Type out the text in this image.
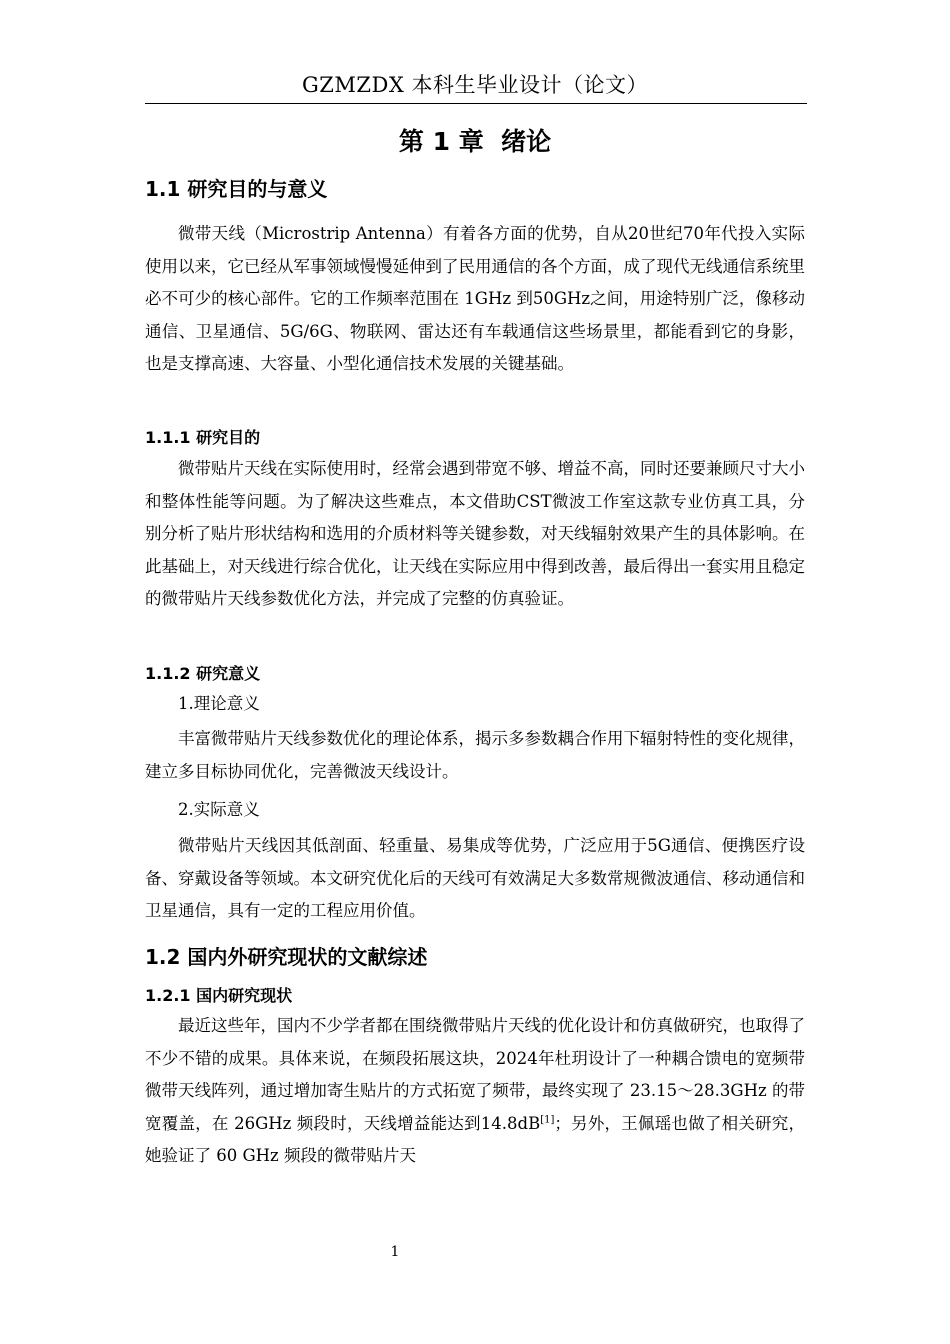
GZMZDX 本科生毕业设计（论文）
第 1 章  绪论
1.1 研究目的与意义

微带天线（Microstrip Antenna）有着各方面的优势，自从20世纪70年代投入实际使用以来，它已经从军事领域慢慢延伸到了民用通信的各个方面，成了现代无线通信系统里必不可少的核心部件。它的工作频率范围在 1GHz 到50GHz之间，用途特别广泛，像移动通信、卫星通信、5G/6G、物联网、雷达还有车载通信这些场景里，都能看到它的身影，也是支撑高速、大容量、小型化通信技术发展的关键基础。

1.1.1 研究目的

微带贴片天线在实际使用时，经常会遇到带宽不够、增益不高，同时还要兼顾尺寸大小和整体性能等问题。为了解决这些难点，本文借助CST微波工作室这款专业仿真工具，分别分析了贴片形状结构和选用的介质材料等关键参数，对天线辐射效果产生的具体影响。在此基础上，对天线进行综合优化，让天线在实际应用中得到改善，最后得出一套实用且稳定的微带贴片天线参数优化方法，并完成了完整的仿真验证。

1.1.2 研究意义

1.理论意义

丰富微带贴片天线参数优化的理论体系，揭示多参数耦合作用下辐射特性的变化规律，建立多目标协同优化，完善微波天线设计。

2.实际意义

微带贴片天线因其低剖面、轻重量、易集成等优势，广泛应用于5G通信、便携医疗设备、穿戴设备等领域。本文研究优化后的天线可有效满足大多数常规微波通信、移动通信和卫星通信，具有一定的工程应用价值。

1.2 国内外研究现状的文献综述
1.2.1 国内研究现状

最近这些年，国内不少学者都在围绕微带贴片天线的优化设计和仿真做研究，也取得了不少不错的成果。具体来说，在频段拓展这块，2024年杜玥设计了一种耦合馈电的宽频带微带天线阵列，通过增加寄生贴片的方式拓宽了频带，最终实现了 23.15～28.3GHz 的带宽覆盖，在 26GHz 频段时，天线增益能达到14.8dB[1]；另外，王佩瑶也做了相关研究，她验证了 60 GHz 频段的微带贴片天

1
